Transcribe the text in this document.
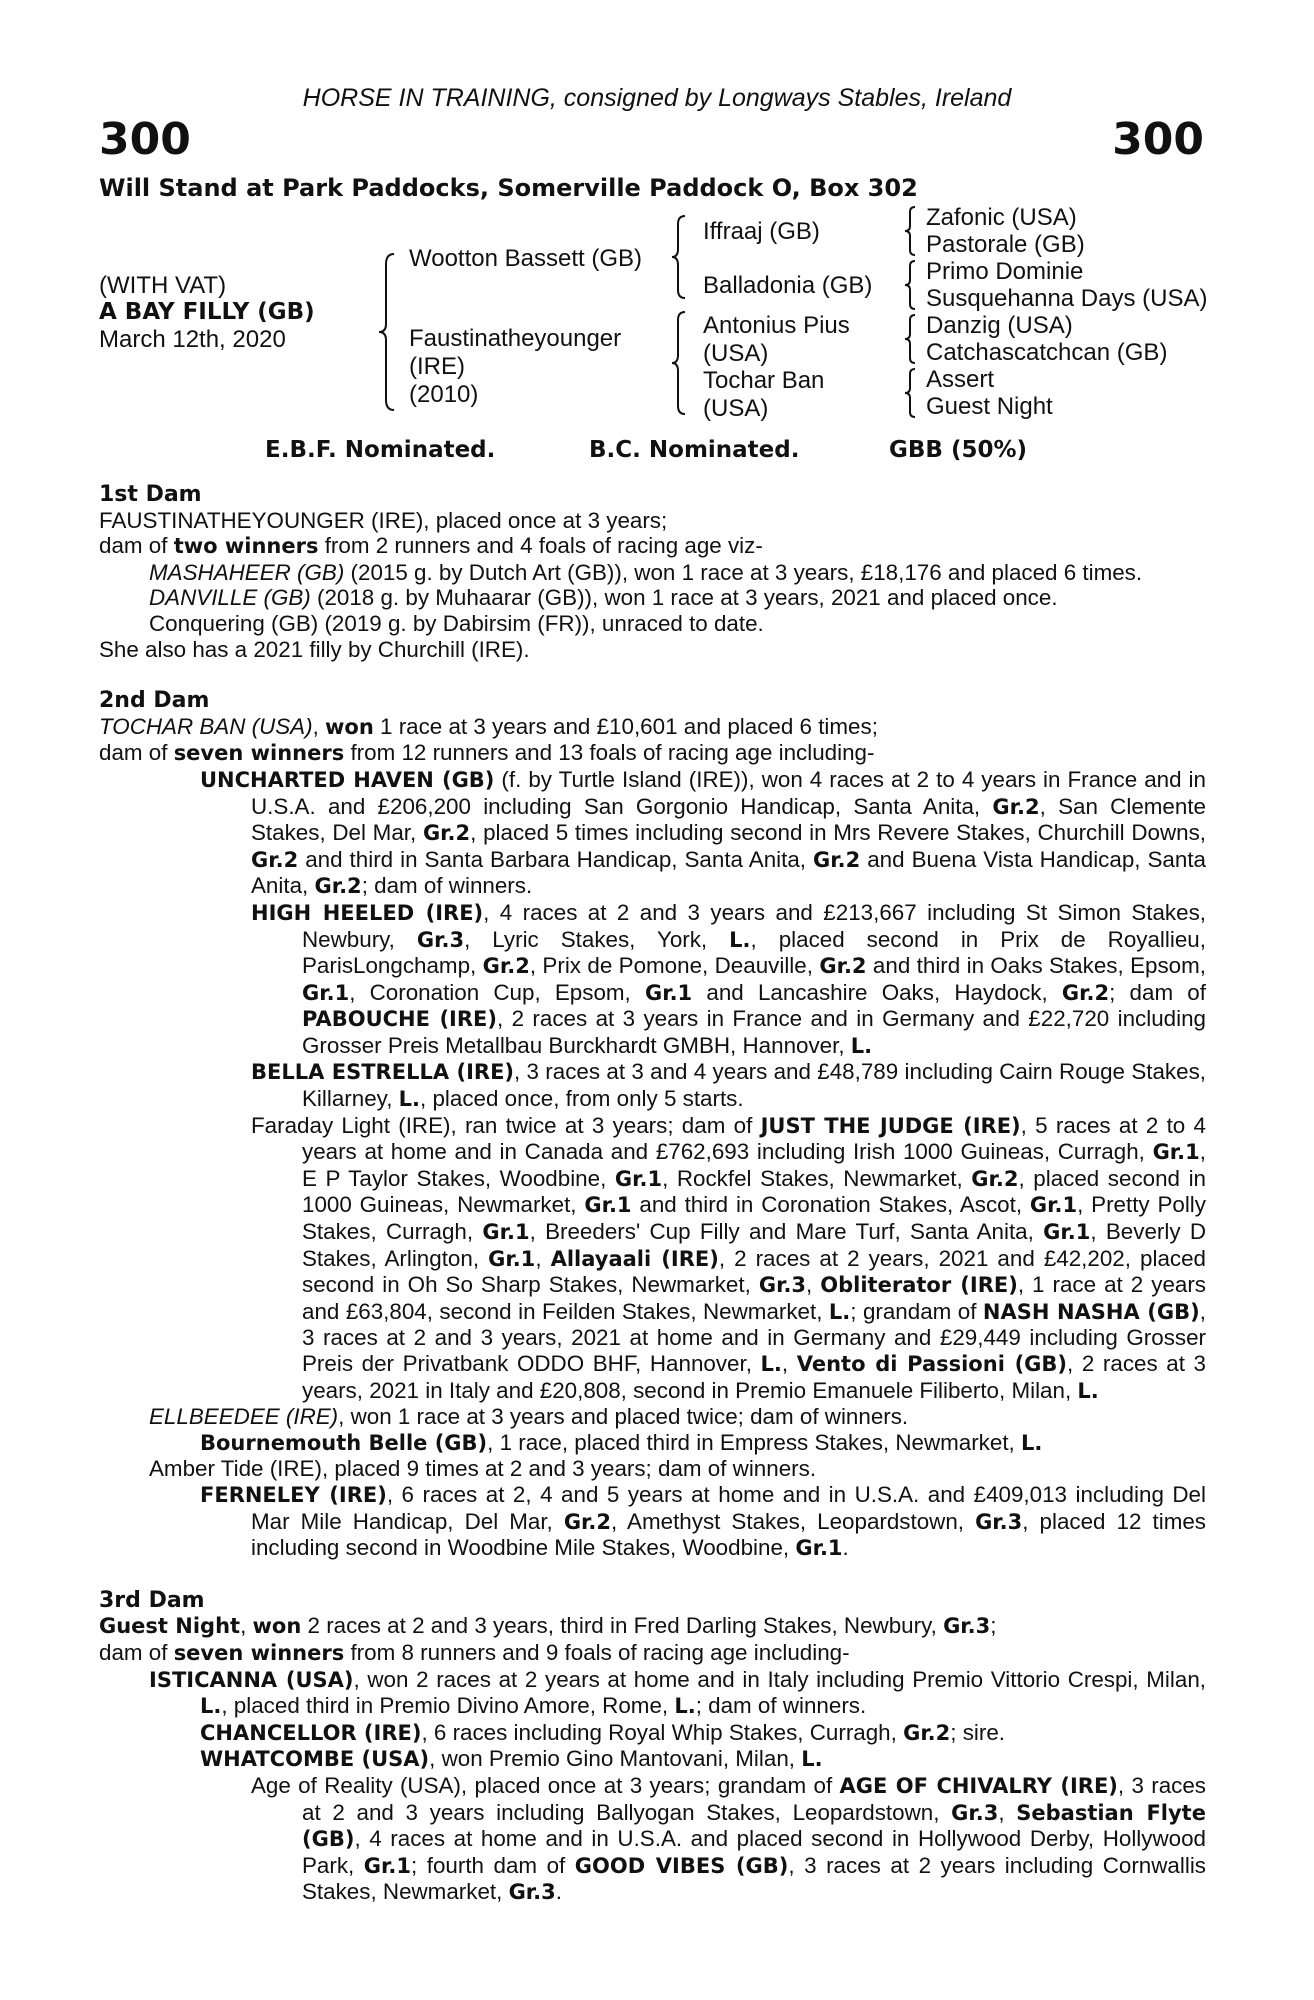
HORSE IN TRAINING, consigned by Longways Stables, Ireland
300	300
Will Stand at Park Paddocks, Somerville Paddock O, Box 302
(WITH VAT)
A BAY FILLY (GB)
March 12th, 2020
Wootton Bassett (GB)
Faustinatheyounger
(IRE)
(2010)
Iffraaj (GB)
Balladonia (GB)
Antonius Pius
(USA)
Tochar Ban
(USA)
Zafonic (USA)
Pastorale (GB)
Primo Dominie
Susquehanna Days (USA)
Danzig (USA)
Catchascatchcan (GB)
Assert
Guest Night
E.B.F. Nominated.	B.C. Nominated.	GBB (50%)
1st Dam
FAUSTINATHEYOUNGER (IRE), placed once at 3 years;
dam of two winners from 2 runners and 4 foals of racing age viz-
MASHAHEER (GB) (2015 g. by Dutch Art (GB)), won 1 race at 3 years, £18,176 and placed 6 times.
DANVILLE (GB) (2018 g. by Muhaarar (GB)), won 1 race at 3 years, 2021 and placed once.
Conquering (GB) (2019 g. by Dabirsim (FR)), unraced to date.
She also has a 2021 filly by Churchill (IRE).
2nd Dam
TOCHAR BAN (USA), won 1 race at 3 years and £10,601 and placed 6 times;
dam of seven winners from 12 runners and 13 foals of racing age including-
UNCHARTED HAVEN (GB) (f. by Turtle Island (IRE)), won 4 races at 2 to 4 years in France and in U.S.A. and £206,200 including San Gorgonio Handicap, Santa Anita, Gr.2, San Clemente Stakes, Del Mar, Gr.2, placed 5 times including second in Mrs Revere Stakes, Churchill Downs, Gr.2 and third in Santa Barbara Handicap, Santa Anita, Gr.2 and Buena Vista Handicap, Santa Anita, Gr.2; dam of winners.
HIGH HEELED (IRE), 4 races at 2 and 3 years and £213,667 including St Simon Stakes, Newbury, Gr.3, Lyric Stakes, York, L., placed second in Prix de Royallieu, ParisLongchamp, Gr.2, Prix de Pomone, Deauville, Gr.2 and third in Oaks Stakes, Epsom, Gr.1, Coronation Cup, Epsom, Gr.1 and Lancashire Oaks, Haydock, Gr.2; dam of PABOUCHE (IRE), 2 races at 3 years in France and in Germany and £22,720 including Grosser Preis Metallbau Burckhardt GMBH, Hannover, L.
BELLA ESTRELLA (IRE), 3 races at 3 and 4 years and £48,789 including Cairn Rouge Stakes, Killarney, L., placed once, from only 5 starts.
Faraday Light (IRE), ran twice at 3 years; dam of JUST THE JUDGE (IRE), 5 races at 2 to 4 years at home and in Canada and £762,693 including Irish 1000 Guineas, Curragh, Gr.1, E P Taylor Stakes, Woodbine, Gr.1, Rockfel Stakes, Newmarket, Gr.2, placed second in 1000 Guineas, Newmarket, Gr.1 and third in Coronation Stakes, Ascot, Gr.1, Pretty Polly Stakes, Curragh, Gr.1, Breeders' Cup Filly and Mare Turf, Santa Anita, Gr.1, Beverly D Stakes, Arlington, Gr.1, Allayaali (IRE), 2 races at 2 years, 2021 and £42,202, placed second in Oh So Sharp Stakes, Newmarket, Gr.3, Obliterator (IRE), 1 race at 2 years and £63,804, second in Feilden Stakes, Newmarket, L.; grandam of NASH NASHA (GB), 3 races at 2 and 3 years, 2021 at home and in Germany and £29,449 including Grosser Preis der Privatbank ODDO BHF, Hannover, L., Vento di Passioni (GB), 2 races at 3 years, 2021 in Italy and £20,808, second in Premio Emanuele Filiberto, Milan, L.
ELLBEEDEE (IRE), won 1 race at 3 years and placed twice; dam of winners.
Bournemouth Belle (GB), 1 race, placed third in Empress Stakes, Newmarket, L.
Amber Tide (IRE), placed 9 times at 2 and 3 years; dam of winners.
FERNELEY (IRE), 6 races at 2, 4 and 5 years at home and in U.S.A. and £409,013 including Del Mar Mile Handicap, Del Mar, Gr.2, Amethyst Stakes, Leopardstown, Gr.3, placed 12 times including second in Woodbine Mile Stakes, Woodbine, Gr.1.
3rd Dam
Guest Night, won 2 races at 2 and 3 years, third in Fred Darling Stakes, Newbury, Gr.3;
dam of seven winners from 8 runners and 9 foals of racing age including-
ISTICANNA (USA), won 2 races at 2 years at home and in Italy including Premio Vittorio Crespi, Milan, L., placed third in Premio Divino Amore, Rome, L.; dam of winners.
CHANCELLOR (IRE), 6 races including Royal Whip Stakes, Curragh, Gr.2; sire.
WHATCOMBE (USA), won Premio Gino Mantovani, Milan, L.
Age of Reality (USA), placed once at 3 years; grandam of AGE OF CHIVALRY (IRE), 3 races at 2 and 3 years including Ballyogan Stakes, Leopardstown, Gr.3, Sebastian Flyte (GB), 4 races at home and in U.S.A. and placed second in Hollywood Derby, Hollywood Park, Gr.1; fourth dam of GOOD VIBES (GB), 3 races at 2 years including Cornwallis Stakes, Newmarket, Gr.3.
